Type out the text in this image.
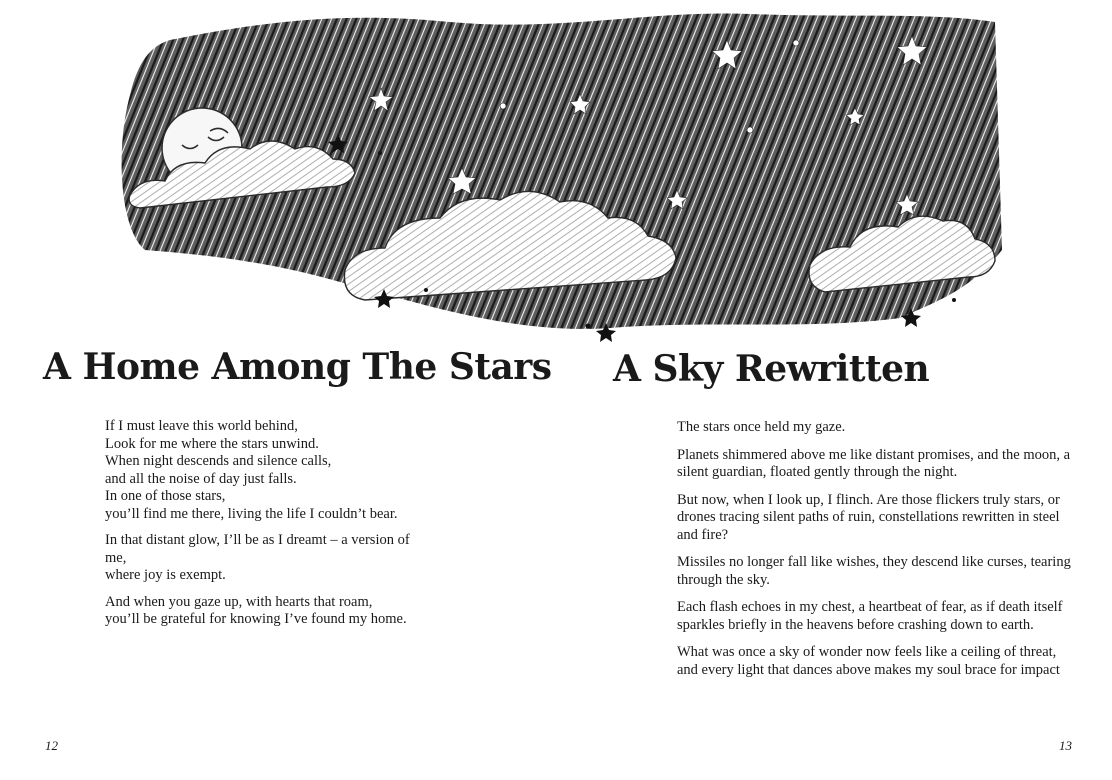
A Home Among The Stars A Sky Rewritten
If I must leave this world behind,
Look for me where the stars unwind.
When night descends and silence calls,
and all the noise of day just falls.
In one of those stars,
you’ll find me there, living the life I couldn’t bear.
In that distant glow, I’ll be as I dreamt – a version of
me,
where joy is exempt.
And when you gaze up, with hearts that roam,
you’ll be grateful for knowing I’ve found my home.

The stars once held my gaze.

Planets shimmered above me like distant promises, and the moon, a silent guardian, floated gently through the night.

But now, when I look up, I flinch. Are those flickers truly stars, or drones tracing silent paths of ruin, constellations rewritten in steel and fire?

Missiles no longer fall like wishes, they descend like curses, tearing through the sky.

Each flash echoes in my chest, a heartbeat of fear, as if death itself sparkles briefly in the heavens before crashing down to earth.

What was once a sky of wonder now feels like a ceiling of threat, and every light that dances above makes my soul brace for impact

12	13
